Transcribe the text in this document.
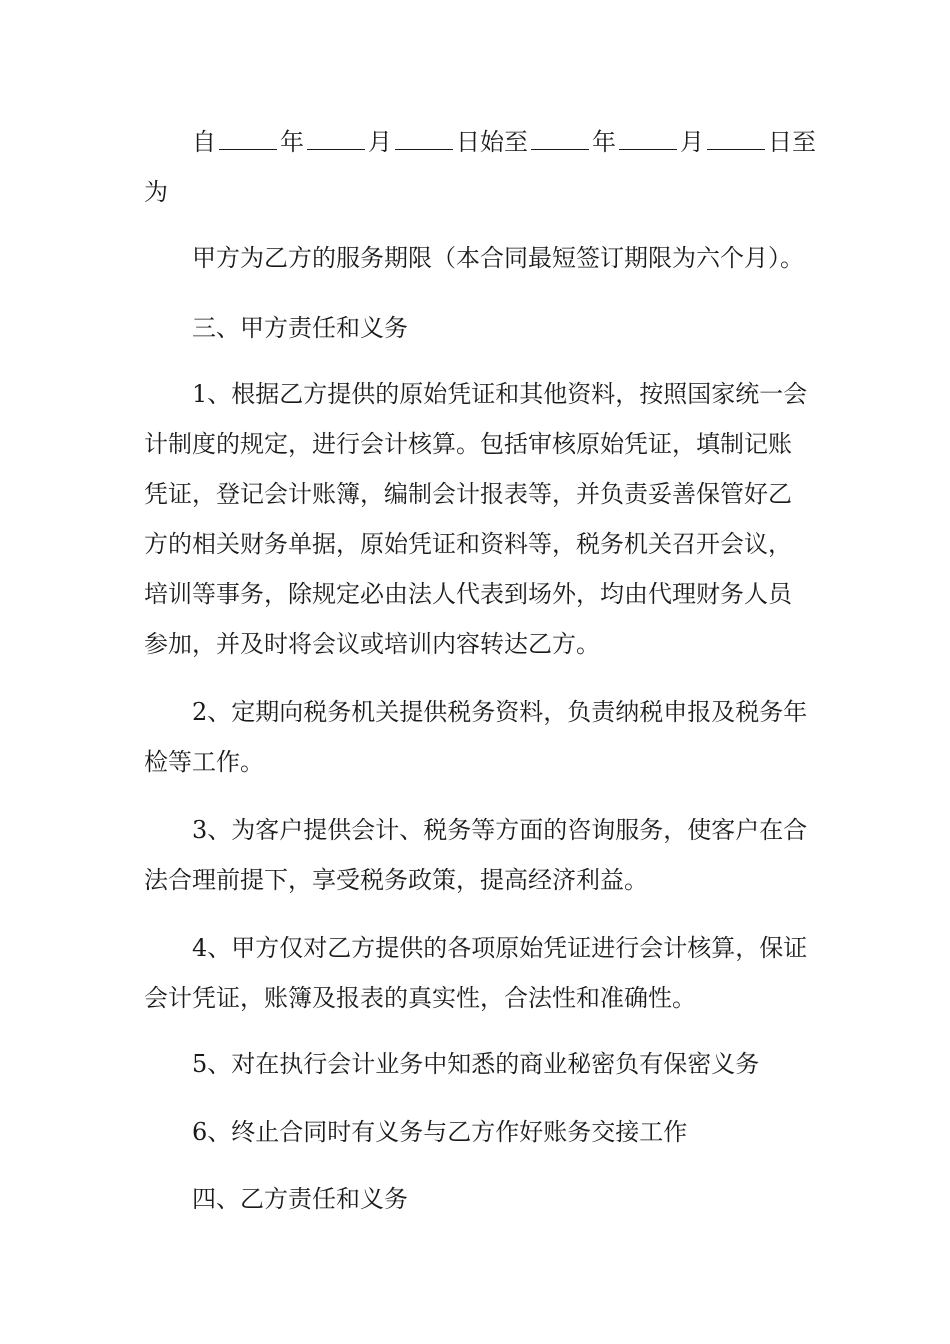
自	年	月	日始至	年	月	日至
为

甲方为乙方的服务期限（本合同最短签订期限为六个月）。

三、甲方责任和义务

1、根据乙方提供的原始凭证和其他资料，按照国家统一会
计制度的规定，进行会计核算。包括审核原始凭证，填制记账
凭证，登记会计账簿，编制会计报表等，并负责妥善保管好乙
方的相关财务单据，原始凭证和资料等，税务机关召开会议，
培训等事务，除规定必由法人代表到场外，均由代理财务人员
参加，并及时将会议或培训内容转达乙方。
2、定期向税务机关提供税务资料，负责纳税申报及税务年
检等工作。
3、为客户提供会计、税务等方面的咨询服务，使客户在合
法合理前提下，享受税务政策，提高经济利益。
4、甲方仅对乙方提供的各项原始凭证进行会计核算，保证
会计凭证，账簿及报表的真实性，合法性和准确性。

5、对在执行会计业务中知悉的商业秘密负有保密义务

6、终止合同时有义务与乙方作好账务交接工作

四、乙方责任和义务
